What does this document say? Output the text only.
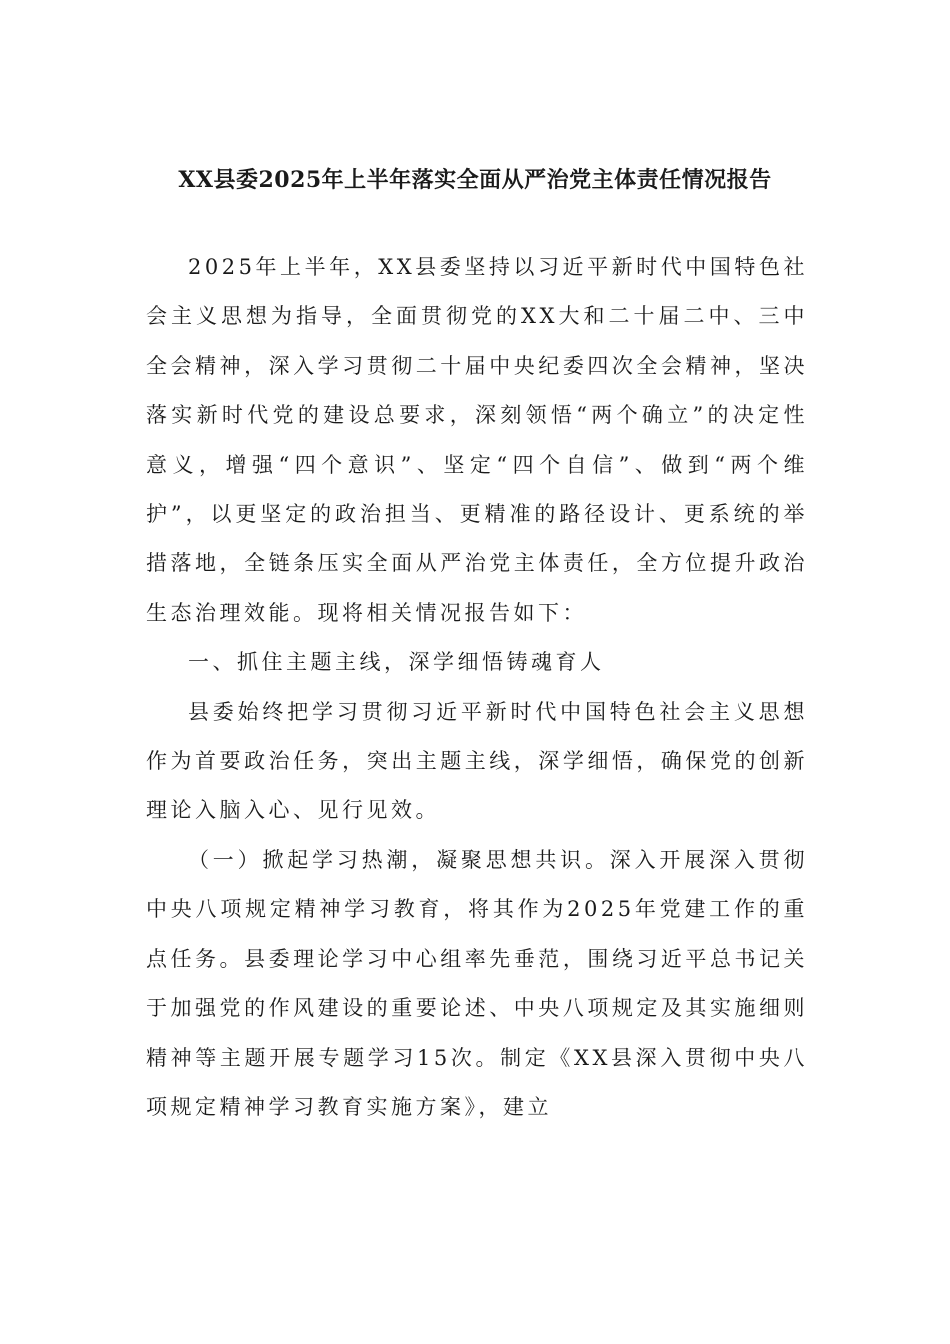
XX县委2025年上半年落实全面从严治党主体责任情况报告

2025年上半年，XX县委坚持以习近平新时代中国特色社会主义思想为指导，全面贯彻党的XX大和二十届二中、三中全会精神，深入学习贯彻二十届中央纪委四次全会精神，坚决落实新时代党的建设总要求，深刻领悟“两个确立”的决定性意义，增强“四个意识”、坚定“四个自信”、做到“两个维护”，以更坚定的政治担当、更精准的路径设计、更系统的举措落地，全链条压实全面从严治党主体责任，全方位提升政治生态治理效能。现将相关情况报告如下：

一、抓住主题主线，深学细悟铸魂育人

县委始终把学习贯彻习近平新时代中国特色社会主义思想作为首要政治任务，突出主题主线，深学细悟，确保党的创新理论入脑入心、见行见效。

（一）掀起学习热潮，凝聚思想共识。深入开展深入贯彻中央八项规定精神学习教育，将其作为2025年党建工作的重点任务。县委理论学习中心组率先垂范，围绕习近平总书记关于加强党的作风建设的重要论述、中央八项规定及其实施细则精神等主题开展专题学习15次。制定《XX县深入贯彻中央八项规定精神学习教育实施方案》，建立
